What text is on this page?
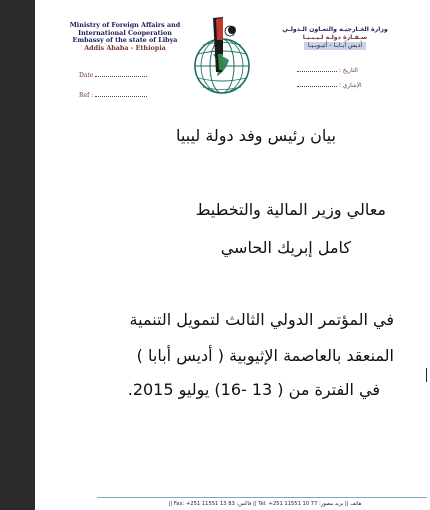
Ministry of Foreign Affairs and
International Cooperation
Embassy of the state of Libya
Addis Ababa - Ethiopia
Date
Ref :
وزارة الخـارجيـة والتعـاون الـدولـي
سـفـارة دولـة لـيـبـيـا
أديس أبـابـا - أثيـوبـيـا
التاريخ :
الإشاري :
بيان رئيس وفد دولة ليبيا
معالي وزير المالية والتخطيط
كامل إبريك الحاسي
في المؤتمر الدولي الثالث لتمويل التنمية
المنعقد بالعاصمة الإثيوبية ( أديس أبابا )
في الفترة من ( 13 -16) يوليو 2015.
|| Fax: +251 11551 13 83 :فاكس || Tel: +251 11551 10 77 :هاتف || بريد مصور
